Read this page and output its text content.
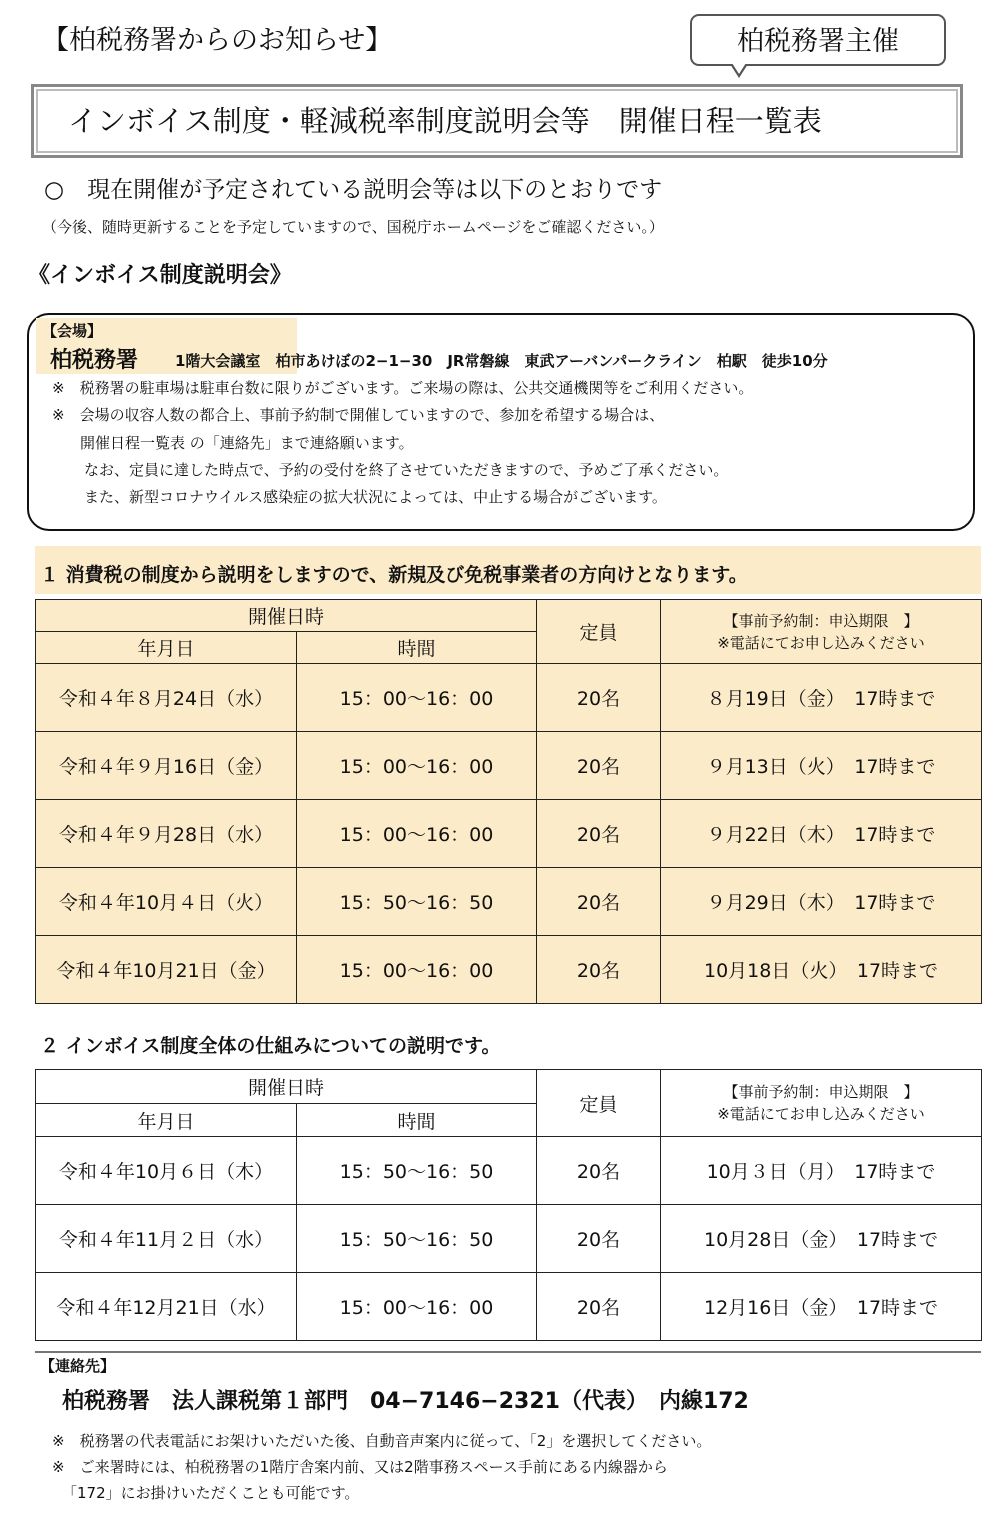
【柏税務署からのお知らせ】	柏税務署主催
インボイス制度・軽減税率制度説明会等　開催日程一覧表
○　現在開催が予定されている説明会等は以下のとおりです
（今後、随時更新することを予定していますので、国税庁ホームページをご確認ください。）
《インボイス制度説明会》
【会場】
柏税務署 1階大会議室　柏市あけぼの2−1−30　JR常磐線　東武アーバンパークライン　柏駅　徒歩10分
※　税務署の駐車場は駐車台数に限りがございます。ご来場の際は、公共交通機関等をご利用ください。
※　会場の収容人数の都合上、事前予約制で開催していますので、参加を希望する場合は、
開催日程一覧表 の「連絡先」まで連絡願います。
なお、定員に達した時点で、予約の受付を終了させていただきますので、予めご了承ください。
また、新型コロナウイルス感染症の拡大状況によっては、中止する場合がございます。
１ 消費税の制度から説明をしますので、新規及び免税事業者の方向けとなります。
開催日時		定員	【事前予約制：申込期限　】
※電話にてお申し込みください

年月日	時間		
令和４年８月24日（水）	15：00〜16：00	20名	８月19日（金）　17時まで
令和４年９月16日（金）	15：00〜16：00	20名	９月13日（火）　17時まで
令和４年９月28日（水）	15：00〜16：00	20名	９月22日（木）　17時まで
令和４年10月４日（火）	15：50〜16：50	20名	９月29日（木）　17時まで
令和４年10月21日（金）	15：00〜16：00	20名	10月18日（火）　17時まで
２ インボイス制度全体の仕組みについての説明です。
開催日時		定員	【事前予約制：申込期限　】
※電話にてお申し込みください

年月日	時間		
令和４年10月６日（木）	15：50〜16：50	20名	10月３日（月）　17時まで
令和４年11月２日（水）	15：50〜16：50	20名	10月28日（金）　17時まで
令和４年12月21日（水）	15：00〜16：00	20名	12月16日（金）　17時まで
【連絡先】
柏税務署　法人課税第１部門　04−7146−2321（代表）　内線172
※　税務署の代表電話にお架けいただいた後、自動音声案内に従って、「2」を選択してください。
※　ご来署時には、柏税務署の1階庁舎案内前、又は2階事務スペース手前にある内線器から
「172」にお掛けいただくことも可能です。
